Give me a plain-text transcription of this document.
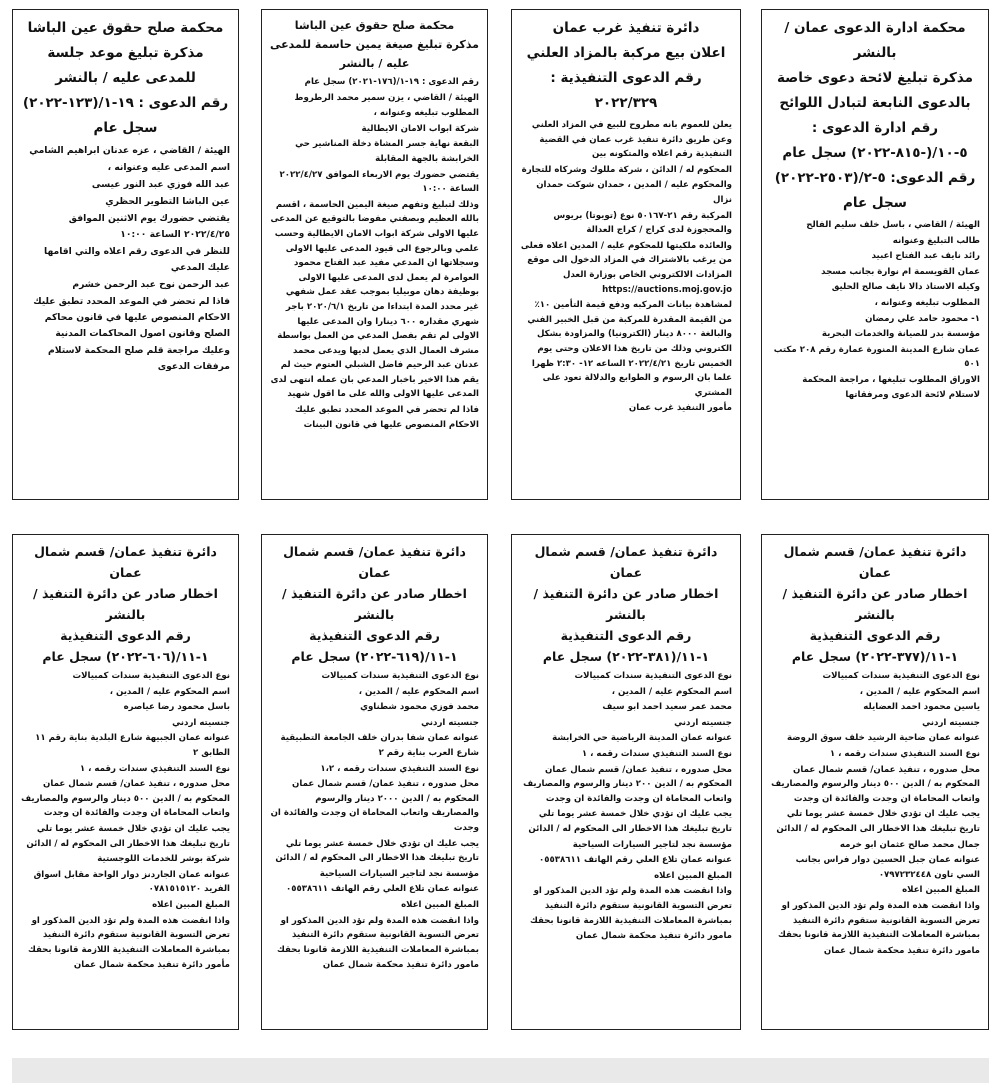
محكمة صلح حقوق عين الباشا
مذكرة تبليغ موعد جلسة للمدعى عليه / بالنشر
رقم الدعوى : ١٩-١/(١٢٣-٢٠٢٢)
سجل عام

الهيئة / القاضي ، عزه عدنان ابراهيم الشامي

اسم المدعى عليه وعنوانه ،

عبد الله فوزي عبد النور عيسى

عين الباشا التطوير الحظري

يقتضي حضورك يوم الاثنين الموافق ٢٠٢٢/٤/٢٥ الساعة ١٠:٠٠

للنظر في الدعوى رقم اعلاه والتي اقامها عليك المدعي

عبد الرحمن نوح عبد الرحمن خشرم

فاذا لم تحضر في الموعد المحدد تطبق عليك الاحكام المنصوص عليها في قانون محاكم الصلح وقانون اصول المحاكمات المدنية

وعليك مراجعة قلم صلح المحكمة لاستلام مرفقات الدعوى

محكمة صلح حقوق عين الباشا
مذكرة تبليغ صيغة يمين حاسمة للمدعى عليه / بالنشر

رقم الدعوى : ١٩-١/(١٧٦-٢٠٢١) سجل عام

الهيئة / القاضي ، يزن سمير محمد الرطروط

المطلوب تبليغه وعنوانه ،

شركة ابواب الامان الايطالية

البقعة نهاية جسر المشاة دخلة المناشير حي الخرابشة بالجهة المقابلة

يقتضي حضورك يوم الاربعاء الموافق ٢٠٢٢/٤/٢٧ الساعة ١٠:٠٠

وذلك لتبليغ وتفهم صيغة اليمين الحاسمة ، اقسم بالله العظيم وبصفتي مفوضا بالتوقيع عن المدعى عليها الاولى شركة ابواب الامان الايطالية وحسب علمي وبالرجوع الى قيود المدعى عليها الاولى وسجلاتها ان المدعي مفيد عبد الفتاح محمود العوامرة لم يعمل لدى المدعى عليها الاولى بوظيفة دهان موبيليا بموجب عقد عمل شفهي غير محدد المدة ابتداءا من تاريخ ٢٠٢٠/٦/١ باجر شهري مقداره ٦٠٠ دينارا وان المدعى عليها الاولى لم تقم بفصل المدعي من العمل بواسطة مشرف العمال الذي يعمل لديها ويدعى محمد عدنان عبد الرحيم فاضل الشبلي العتوم حيث لم يقم هذا الاخير باخبار المدعي بان عمله انتهى لدى المدعى عليها الاولى والله على ما اقول شهيد

فاذا لم تحضر في الموعد المحدد تطبق عليك الاحكام المنصوص عليها في قانون البينات

دائرة تنفيذ غرب عمان
اعلان بيع مركبة بالمزاد العلني
رقم الدعوى التنفيذية : ٢٠٢٢/٣٢٩

يعلن للعموم بانه مطروح للبيع في المزاد العلني وعن طريق دائرة تنفيذ غرب عمان في القضية التنفيذية رقم اعلاه والمتكونه بين

المحكوم له / الدائن ، شركة مللوك وشركاه للتجارة

والمحكوم عليه / المدين ، حمدان شوكت حمدان نزال

المركبة رقم ٢١-٥٠١٦٧ نوع (تويوتا) بريوس والمحجوزة لدى كراج / كراج العدالة

والعائده ملكيتها للمحكوم عليه / المدين اعلاه فعلى من يرغب بالاشتراك في المزاد الدخول الى موقع المزادات الالكتروني الخاص بوزارة العدل https://auctions.moj.gov.jo

لمشاهدة بيانات المركبه ودفع قيمة التأمين ١٠٪ من القيمة المقدرة للمركبة من قبل الخبير الفني والبالغة ٨٠٠٠ دينار (الكترونيا) والمزاودة بشكل الكتروني وذلك من تاريخ هذا الاعلان وحتى يوم الخميس تاريخ ٢٠٢٢/٤/٢١ الساعه ١٢- ٢:٣٠ ظهرا علما بان الرسوم و الطوابع والدلالة تعود على المشتري

مأمور التنفيذ غرب عمان

محكمة ادارة الدعوى عمان /بالنشر
مذكرة تبليغ لائحة دعوى خاصة بالدعوى النابعة لتبادل اللوائح
رقم ادارة الدعوى : ٥-١٠/(-٨١٥-٢٠٢٢) سجل عام
رقم الدعوى: ٥-٢/(٢٥٠٣-٢٠٢٢) سجل عام

الهيئة / القاضي ، باسل خلف سليم الفالح

طالب التبليغ وعنوانه

رائد نايف عبد الفتاح اعبيد

عمان القويسمة ام نوارة بجانب مسجد

وكيله الاستاذ دالا نايف صالح الحليق

المطلوب تبليغه وعنوانه ،

١- محمود حامد علي رمضان

مؤسسة بدر للصيانة والخدمات البحرية

عمان شارع المدينة المنورة عمارة رقم ٢٠٨ مكتب ٥٠١

الاوراق المطلوب تبليغها ، مراجعة المحكمة لاستلام لائحة الدعوى ومرفقاتها

دائرة تنفيذ عمان/ قسم شمال عمان
اخطار صادر عن دائرة التنفيذ / بالنشر
رقم الدعوى التنفيذية ١-١١/(٦٠٦-٢٠٢٢) سجل عام

نوع الدعوى التنفيذية سندات كمبيالات

اسم المحكوم عليه / المدين ،

باسل محمود رضا عياصره

جنسيته اردني

عنوانه عمان الجبيهة شارع البلدية بناية رقم ١١ الطابق ٢

نوع السند التنفيذي سندات رقمه ، ١

محل صدوره ، تنفيذ عمان/ قسم شمال عمان المحكوم به / الدين ٥٠٠ دينار والرسوم والمصاريف واتعاب المحاماة ان وجدت والفائدة ان وجدت

يجب عليك ان تؤدي خلال خمسة عشر يوما تلي تاريخ تبليغك هذا الاخطار الى المحكوم له / الدائن

شركة بوشر للخدمات اللوجستية

عنوانه عمان الجاردنز دوار الواحة مقابل اسواق الفريد ٠٧٨١٥١٥١٢٠

المبلغ المبين اعلاه

واذا انقضت هذه المدة ولم تؤد الدين المذكور او تعرض التسوية القانونية ستقوم دائرة التنفيذ بمباشرة المعاملات التنفيذية اللازمة قانونا بحقك

مأمور دائرة تنفيذ محكمة شمال عمان

دائرة تنفيذ عمان/ قسم شمال عمان
اخطار صادر عن دائرة التنفيذ / بالنشر
رقم الدعوى التنفيذية ١-١١/(٦١٩-٢٠٢٢) سجل عام

نوع الدعوى التنفيذية سندات كمبيالات

اسم المحكوم عليه / المدين ،

محمد فوزي محمود شطناوي

جنسيته اردني

عنوانه عمان شفا بدران خلف الجامعة التطبيقية شارع العرب بناية رقم ٢

نوع السند التنفيذي سندات رقمه ، ١،٢

محل صدوره ، تنفيذ عمان/ قسم شمال عمان المحكوم به / الدين ٢٠٠٠ دينار والرسوم والمصاريف واتعاب المحاماة ان وجدت والفائدة ان وجدت

يجب عليك ان تؤدي خلال خمسة عشر يوما تلي تاريخ تبليغك هذا الاخطار الى المحكوم له / الدائن

مؤسسة نجد لتاجير السيارات السياحية

عنوانه عمان تلاع العلي رقم الهاتف ٠٥٥٣٨٦١١

المبلغ المبين اعلاه

واذا انقضت هذه المدة ولم تؤد الدين المذكور او تعرض التسوية القانونية ستقوم دائرة التنفيذ بمباشرة المعاملات التنفيذية اللازمة قانونا بحقك

مامور دائرة تنفيذ محكمة شمال عمان

دائرة تنفيذ عمان/ قسم شمال عمان
اخطار صادر عن دائرة التنفيذ / بالنشر
رقم الدعوى التنفيذية ١-١١/(٣٨١-٢٠٢٢) سجل عام

نوع الدعوى التنفيذية سندات كمبيالات

اسم المحكوم عليه / المدين ،

محمد عمر سعيد احمد ابو سيف

جنسيته اردني

عنوانه عمان المدينة الرياضية حي الخرابشة

نوع السند التنفيذي سندات رقمه ، ١

محل صدوره ، تنفيذ عمان/ قسم شمال عمان المحكوم به / الدين ٢٠٠ دينار والرسوم والمصاريف واتعاب المحاماة ان وجدت والفائدة ان وجدت

يجب عليك ان تؤدي خلال خمسة عشر يوما تلي تاريخ تبليغك هذا الاخطار الى المحكوم له / الدائن

مؤسسة نجد لتاجير السيارات السياحية

عنوانه عمان تلاع العلي رقم الهاتف ٠٥٥٣٨٦١١

المبلغ المبين اعلاه

واذا انقضت هذه المدة ولم تؤد الدين المذكور او تعرض التسوية القانونية ستقوم دائرة التنفيذ بمباشرة المعاملات التنفيذية اللازمة قانونا بحقك

مامور دائرة تنفيذ محكمة شمال عمان

دائرة تنفيذ عمان/ قسم شمال عمان
اخطار صادر عن دائرة التنفيذ / بالنشر
رقم الدعوى التنفيذية ١-١١/(٣٧٧-٢٠٢٢) سجل عام

نوع الدعوى التنفيذية سندات كمبيالات

اسم المحكوم عليه / المدين ،

ياسين محمود احمد العضايله

جنسيته اردني

عنوانه عمان ضاحية الرشيد خلف سوق الروضة

نوع السند التنفيذي سندات رقمه ، ١

محل صدوره ، تنفيذ عمان/ قسم شمال عمان المحكوم به / الدين ٥٠٠ دينار والرسوم والمصاريف واتعاب المحاماة ان وجدت والفائدة ان وجدت

يجب عليك ان تؤدي خلال خمسة عشر يوما تلي تاريخ تبليغك هذا الاخطار الى المحكوم له / الدائن

جمال محمد صالح عثمان ابو خرمه

عنوانه عمان جبل الحسين دوار فراس بجانب السي تاون ٠٧٩٧٢٣٢٤٤٨

المبلغ المبين اعلاه

واذا انقضت هذه المدة ولم تؤد الدين المذكور او تعرض التسوية القانونية ستقوم دائرة التنفيذ بمباشرة المعاملات التنفيذية اللازمة قانونا بحقك

مامور دائرة تنفيذ محكمة شمال عمان
